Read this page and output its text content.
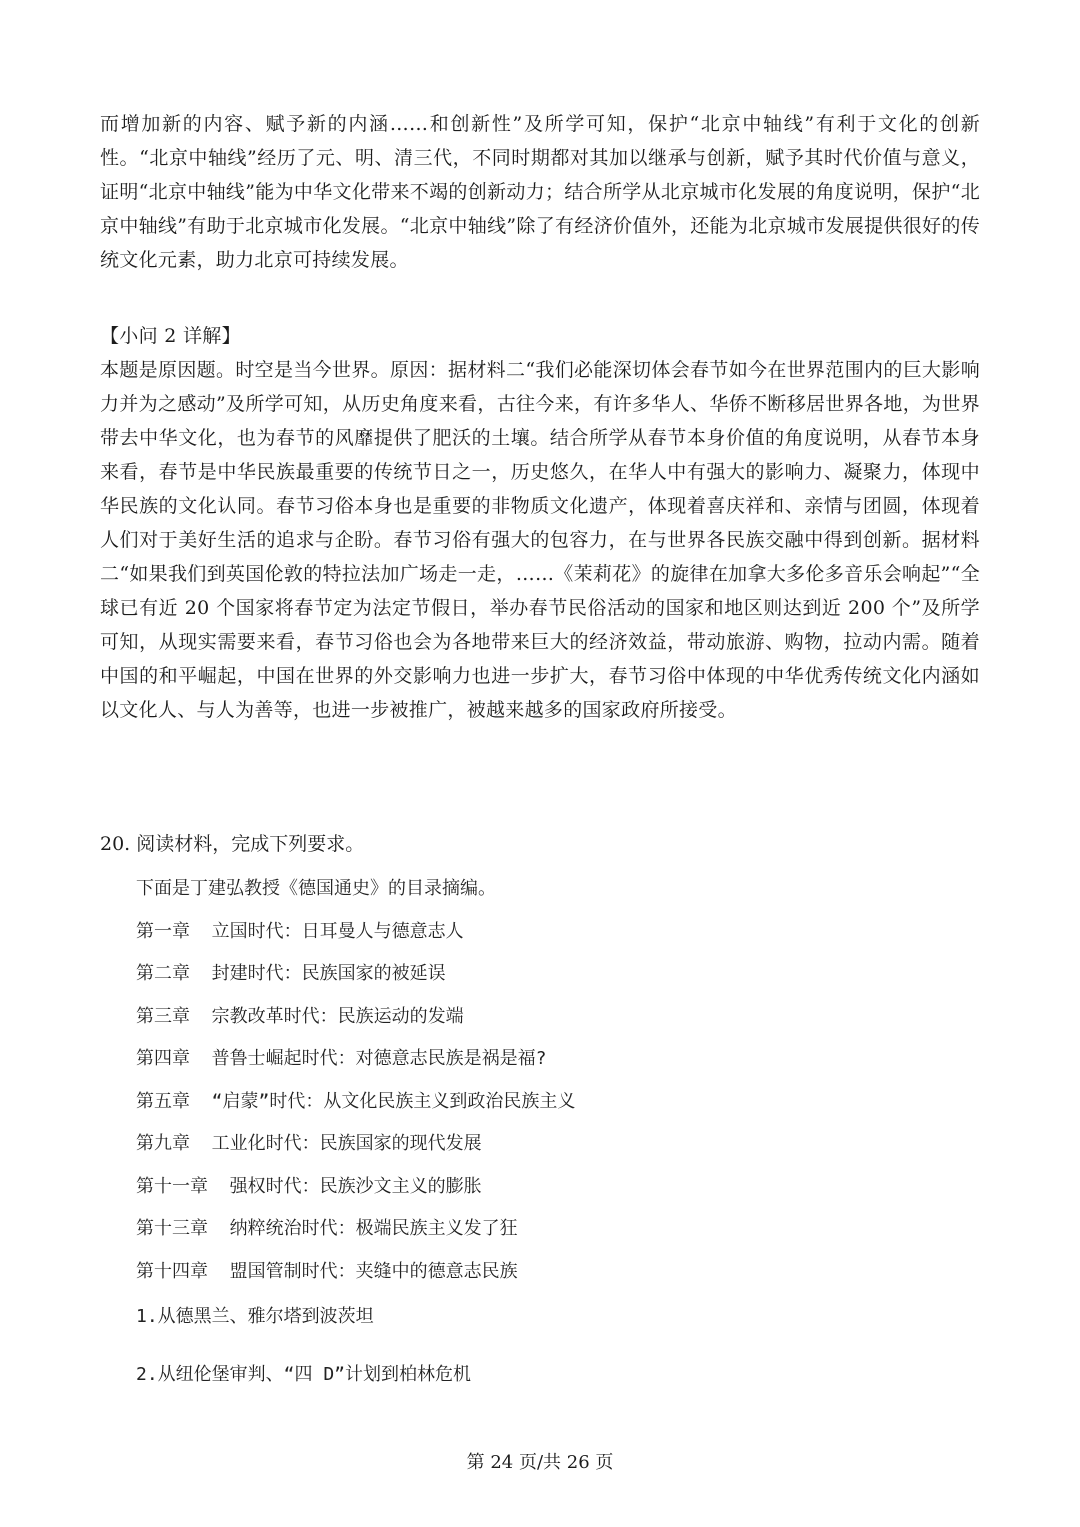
而增加新的内容、赋予新的内涵……和创新性”及所学可知，保护“北京中轴线”有利于文化的创新性。“北京中轴线”经历了元、明、清三代，不同时期都对其加以继承与创新，赋予其时代价值与意义，证明“北京中轴线”能为中华文化带来不竭的创新动力；结合所学从北京城市化发展的角度说明，保护“北京中轴线”有助于北京城市化发展。“北京中轴线”除了有经济价值外，还能为北京城市发展提供很好的传统文化元素，助力北京可持续发展。

【小问 2 详解】

本题是原因题。时空是当今世界。原因：据材料二“我们必能深切体会春节如今在世界范围内的巨大影响力并为之感动”及所学可知，从历史角度来看，古往今来，有许多华人、华侨不断移居世界各地，为世界带去中华文化，也为春节的风靡提供了肥沃的土壤。结合所学从春节本身价值的角度说明，从春节本身来看，春节是中华民族最重要的传统节日之一，历史悠久，在华人中有强大的影响力、凝聚力，体现中华民族的文化认同。春节习俗本身也是重要的非物质文化遗产，体现着喜庆祥和、亲情与团圆，体现着人们对于美好生活的追求与企盼。春节习俗有强大的包容力，在与世界各民族交融中得到创新。据材料二“如果我们到英国伦敦的特拉法加广场走一走，……《茉莉花》的旋律在加拿大多伦多音乐会响起”“全球已有近 20 个国家将春节定为法定节假日，举办春节民俗活动的国家和地区则达到近 200 个”及所学可知，从现实需要来看，春节习俗也会为各地带来巨大的经济效益，带动旅游、购物，拉动内需。随着中国的和平崛起，中国在世界的外交影响力也进一步扩大，春节习俗中体现的中华优秀传统文化内涵如以文化人、与人为善等，也进一步被推广，被越来越多的国家政府所接受。

20. 阅读材料，完成下列要求。
下面是丁建弘教授《德国通史》的目录摘编。
第一章  立国时代：日耳曼人与德意志人
第二章  封建时代：民族国家的被延误
第三章  宗教改革时代：民族运动的发端
第四章  普鲁士崛起时代：对德意志民族是祸是福?
第五章  “启蒙”时代：从文化民族主义到政治民族主义
第九章  工业化时代：民族国家的现代发展
第十一章  强权时代：民族沙文主义的膨胀
第十三章  纳粹统治时代：极端民族主义发了狂
第十四章  盟国管制时代：夹缝中的德意志民族
1.从德黑兰、雅尔塔到波茨坦
2.从纽伦堡审判、“四 D”计划到柏林危机
第 24 页/共 26 页
